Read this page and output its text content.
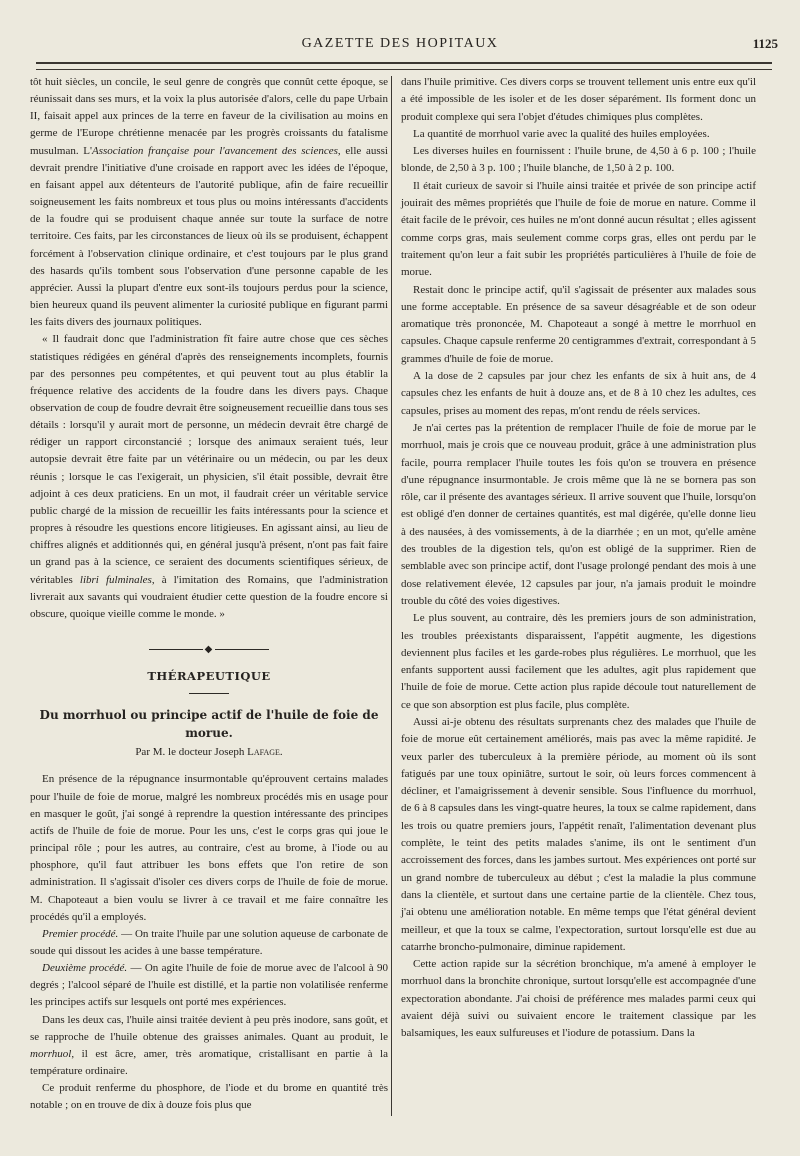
GAZETTE DES HOPITAUX	1125

tôt huit siècles, un concile, le seul genre de congrès que connût cette époque, se réunissait dans ses murs, et la voix la plus autorisée d'alors, celle du pape Urbain II, faisait appel aux princes de la terre en faveur de la civilisation au moins en germe de l'Europe chrétienne menacée par les progrès croissants du fatalisme musulman. L'Association française pour l'avancement des sciences, elle aussi devrait prendre l'initiative d'une croisade en rapport avec les idées de l'époque, en faisant appel aux détenteurs de l'autorité publique, afin de faire recueillir soigneusement les faits nombreux et tous plus ou moins intéressants d'accidents de la foudre qui se produisent chaque année sur toute la surface de notre territoire. Ces faits, par les circonstances de lieux où ils se produisent, échappent forcément à l'observation clinique ordinaire, et c'est toujours par le plus grand des hasards qu'ils tombent sous l'observation d'une personne capable de les apprécier. Aussi la plupart d'entre eux sont-ils toujours perdus pour la science, bien heureux quand ils peuvent alimenter la curiosité publique en figurant parmi les faits divers des journaux politiques.

« Il faudrait donc que l'administration fît faire autre chose que ces sèches statistiques rédigées en général d'après des renseignements incomplets, fournis par des personnes peu compétentes, et qui peuvent tout au plus établir la fréquence relative des accidents de la foudre dans les divers pays. Chaque observation de coup de foudre devrait être soigneusement recueillie dans tous ses détails : lorsqu'il y aurait mort de personne, un médecin devrait être chargé de rédiger un rapport circonstancié ; lorsque des animaux seraient tués, leur autopsie devrait être faite par un vétérinaire ou un médecin, ou par les deux réunis ; lorsque le cas l'exigerait, un physicien, s'il était possible, devrait être adjoint à ces deux praticiens. En un mot, il faudrait créer un véritable service public chargé de la mission de recueillir les faits intéressants pour la science et propres à résoudre les questions encore litigieuses. En agissant ainsi, au lieu de chiffres alignés et additionnés qui, en général jusqu'à présent, n'ont pas fait faire un grand pas à la science, ce seraient des documents scientifiques sérieux, de véritables libri fulminales, à l'imitation des Romains, que l'administration livrerait aux savants qui voudraient étudier cette question de la foudre encore si obscure, quoique vieille comme le monde. »

◆
THÉRAPEUTIQUE
Du morrhuol ou principe actif de l'huile de foie de morue.
Par M. le docteur Joseph Lafage.

En présence de la répugnance insurmontable qu'éprouvent certains malades pour l'huile de foie de morue, malgré les nombreux procédés mis en usage pour en masquer le goût, j'ai songé à reprendre la question intéressante des principes actifs de l'huile de foie de morue. Pour les uns, c'est le corps gras qui joue le principal rôle ; pour les autres, au contraire, c'est au brome, à l'iode ou au phosphore, qu'il faut attribuer les bons effets que l'on retire de son administration. Il s'agissait d'isoler ces divers corps de l'huile de foie de morue. M. Chapoteaut a bien voulu se livrer à ce travail et me faire connaître les procédés qu'il a employés.

Premier procédé. — On traite l'huile par une solution aqueuse de carbonate de soude qui dissout les acides à une basse température.

Deuxième procédé. — On agite l'huile de foie de morue avec de l'alcool à 90 degrés ; l'alcool séparé de l'huile est distillé, et la partie non volatilisée renferme les principes actifs sur lesquels ont porté mes expériences.

Dans les deux cas, l'huile ainsi traitée devient à peu près inodore, sans goût, et se rapproche de l'huile obtenue des graisses animales. Quant au produit, le morrhuol, il est âcre, amer, très aromatique, cristallisant en partie à la température ordinaire.

Ce produit renferme du phosphore, de l'iode et du brome en quantité très notable ; on en trouve de dix à douze fois plus que

dans l'huile primitive. Ces divers corps se trouvent tellement unis entre eux qu'il a été impossible de les isoler et de les doser séparément. Ils forment donc un produit complexe qui sera l'objet d'études chimiques plus complètes.

La quantité de morrhuol varie avec la qualité des huiles employées.

Les diverses huiles en fournissent : l'huile brune, de 4,50 à 6 p. 100 ; l'huile blonde, de 2,50 à 3 p. 100 ; l'huile blanche, de 1,50 à 2 p. 100.

Il était curieux de savoir si l'huile ainsi traitée et privée de son principe actif jouirait des mêmes propriétés que l'huile de foie de morue en nature. Comme il était facile de le prévoir, ces huiles ne m'ont donné aucun résultat ; elles agissent comme corps gras, mais seulement comme corps gras, elles ont perdu par le traitement qu'on leur a fait subir les propriétés particulières à l'huile de foie de morue.

Restait donc le principe actif, qu'il s'agissait de présenter aux malades sous une forme acceptable. En présence de sa saveur désagréable et de son odeur aromatique très prononcée, M. Chapoteaut a songé à mettre le morrhuol en capsules. Chaque capsule renferme 20 centigrammes d'extrait, correspondant à 5 grammes d'huile de foie de morue.

A la dose de 2 capsules par jour chez les enfants de six à huit ans, de 4 capsules chez les enfants de huit à douze ans, et de 8 à 10 chez les adultes, ces capsules, prises au moment des repas, m'ont rendu de réels services.

Je n'ai certes pas la prétention de remplacer l'huile de foie de morue par le morrhuol, mais je crois que ce nouveau produit, grâce à une administration plus facile, pourra remplacer l'huile toutes les fois qu'on se trouvera en présence d'une répugnance insurmontable. Je crois même que là ne se bornera pas son rôle, car il présente des avantages sérieux. Il arrive souvent que l'huile, lorsqu'on est obligé d'en donner de certaines quantités, est mal digérée, qu'elle donne lieu à des nausées, à des vomissements, à de la diarrhée ; en un mot, qu'elle amène des troubles de la digestion tels, qu'on est obligé de la supprimer. Rien de semblable avec son principe actif, dont l'usage prolongé pendant des mois à une dose relativement élevée, 12 capsules par jour, n'a jamais produit le moindre trouble du côté des voies digestives.

Le plus souvent, au contraire, dès les premiers jours de son administration, les troubles préexistants disparaissent, l'appétit augmente, les digestions deviennent plus faciles et les garde-robes plus régulières. Le morrhuol, que les enfants supportent aussi facilement que les adultes, agit plus rapidement que l'huile de foie de morue. Cette action plus rapide découle tout naturellement de ce que son absorption est plus facile, plus complète.

Aussi ai-je obtenu des résultats surprenants chez des malades que l'huile de foie de morue eût certainement améliorés, mais pas avec la même rapidité. Je veux parler des tuberculeux à la première période, au moment où ils sont fatigués par une toux opiniâtre, surtout le soir, où leurs forces commencent à décliner, et l'amaigrissement à devenir sensible. Sous l'influence du morrhuol, de 6 à 8 capsules dans les vingt-quatre heures, la toux se calme rapidement, dans les trois ou quatre premiers jours, l'appétit renaît, l'alimentation devenant plus complète, le teint des petits malades s'anime, ils ont le sentiment d'un accroissement des forces, dans les jambes surtout. Mes expériences ont porté sur un grand nombre de tuberculeux au début ; c'est la maladie la plus commune dans la clientèle, et surtout dans une certaine partie de la clientèle. Chez tous, j'ai obtenu une amélioration notable. En même temps que l'état général devient meilleur, et que la toux se calme, l'expectoration, surtout lorsqu'elle est due au catarrhe broncho-pulmonaire, diminue rapidement.

Cette action rapide sur la sécrétion bronchique, m'a amené à employer le morrhuol dans la bronchite chronique, surtout lorsqu'elle est accompagnée d'une expectoration abondante. J'ai choisi de préférence mes malades parmi ceux qui avaient déjà suivi ou suivaient encore le traitement classique par les balsamiques, les eaux sulfureuses et l'iodure de potassium. Dans la
